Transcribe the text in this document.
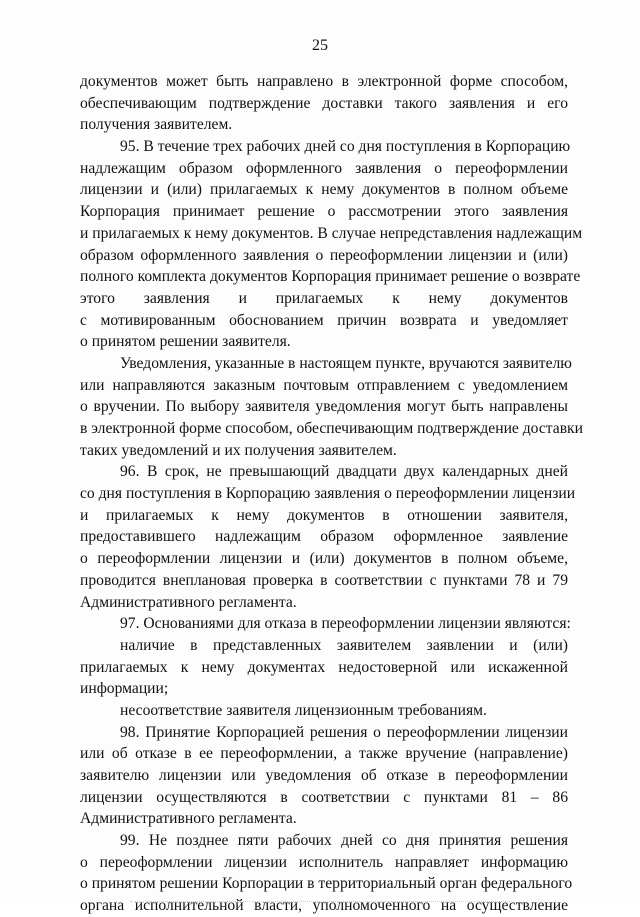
25
документов может быть направлено в электронной форме способом,
обеспечивающим подтверждение доставки такого заявления и его
получения заявителем.
95. В течение трех рабочих дней со дня поступления в Корпорацию
надлежащим образом оформленного заявления о переоформлении
лицензии и (или) прилагаемых к нему документов в полном объеме
Корпорация принимает решение о рассмотрении этого заявления
и прилагаемых к нему документов. В случае непредставления надлежащим
образом оформленного заявления о переоформлении лицензии и (или)
полного комплекта документов Корпорация принимает решение о возврате
этого заявления и прилагаемых к нему документов
с мотивированным обоснованием причин возврата и уведомляет
о принятом решении заявителя.
Уведомления, указанные в настоящем пункте, вручаются заявителю
или направляются заказным почтовым отправлением с уведомлением
о вручении. По выбору заявителя уведомления могут быть направлены
в электронной форме способом, обеспечивающим подтверждение доставки
таких уведомлений и их получения заявителем.
96. В срок, не превышающий двадцати двух календарных дней
со дня поступления в Корпорацию заявления о переоформлении лицензии
и прилагаемых к нему документов в отношении заявителя,
предоставившего надлежащим образом оформленное заявление
о переоформлении лицензии и (или) документов в полном объеме,
проводится внеплановая проверка в соответствии с пунктами 78 и 79
Административного регламента.
97. Основаниями для отказа в переоформлении лицензии являются:
наличие в представленных заявителем заявлении и (или)
прилагаемых к нему документах недостоверной или искаженной
информации;
несоответствие заявителя лицензионным требованиям.
98. Принятие Корпорацией решения о переоформлении лицензии
или об отказе в ее переоформлении, а также вручение (направление)
заявителю лицензии или уведомления об отказе в переоформлении
лицензии осуществляются в соответствии с пунктами 81 – 86
Административного регламента.
99. Не позднее пяти рабочих дней со дня принятия решения
о переоформлении лицензии исполнитель направляет информацию
о принятом решении Корпорации в территориальный орган федерального
органа исполнительной власти, уполномоченного на осуществление
